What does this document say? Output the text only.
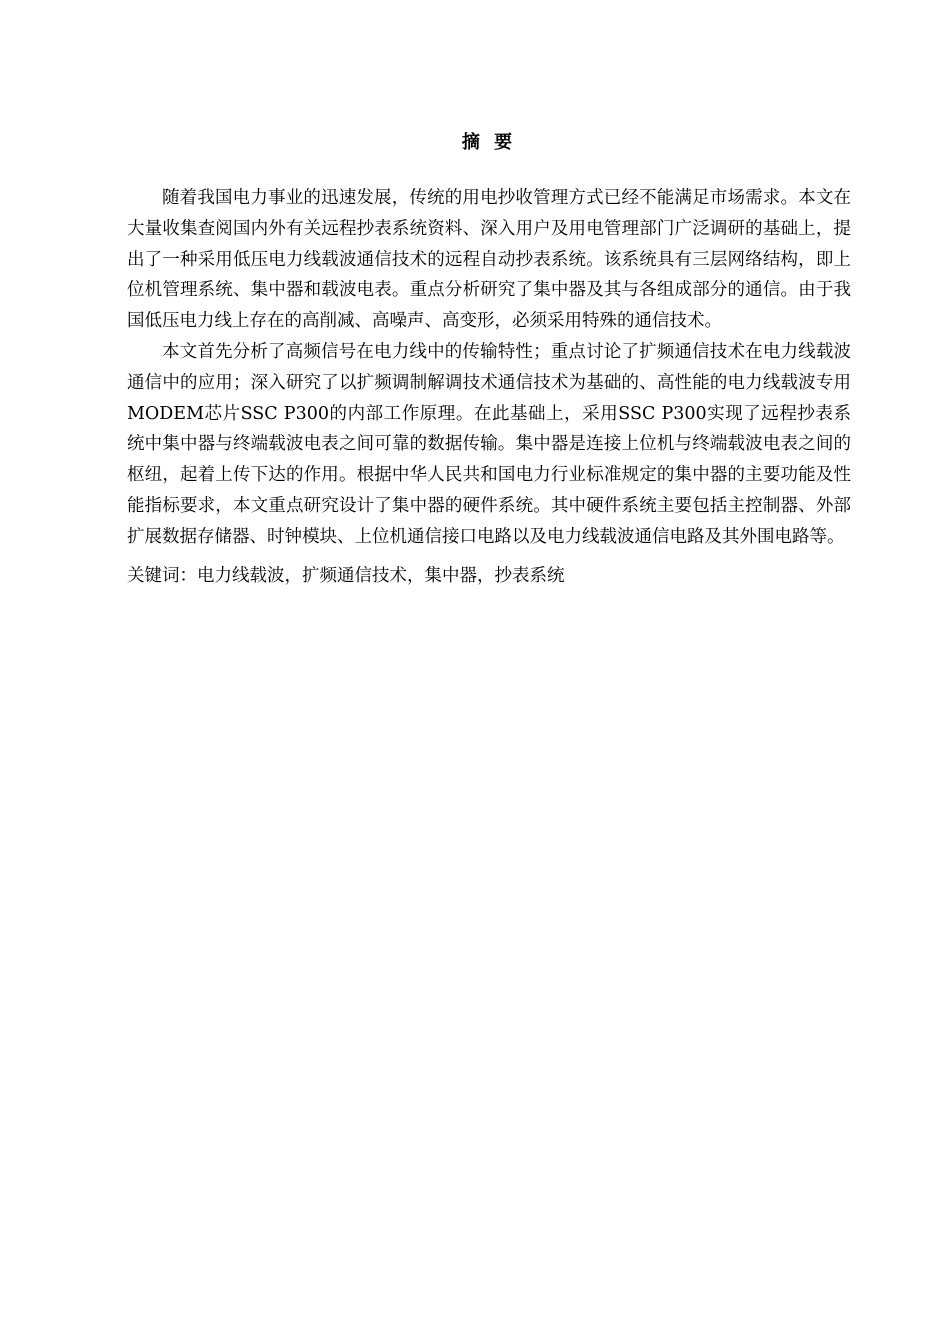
摘 要

随着我国电力事业的迅速发展，传统的用电抄收管理方式已经不能满足市场需求。本文在大量收集查阅国内外有关远程抄表系统资料、深入用户及用电管理部门广泛调研的基础上，提出了一种采用低压电力线载波通信技术的远程自动抄表系统。该系统具有三层网络结构，即上位机管理系统、集中器和载波电表。重点分析研究了集中器及其与各组成部分的通信。由于我国低压电力线上存在的高削减、高噪声、高变形，必须采用特殊的通信技术。

本文首先分析了高频信号在电力线中的传输特性；重点讨论了扩频通信技术在电力线载波通信中的应用；深入研究了以扩频调制解调技术通信技术为基础的、高性能的电力线载波专用MODEM芯片SSC P300的内部工作原理。在此基础上，采用SSC P300实现了远程抄表系统中集中器与终端载波电表之间可靠的数据传输。集中器是连接上位机与终端载波电表之间的枢纽，起着上传下达的作用。根据中华人民共和国电力行业标准规定的集中器的主要功能及性能指标要求，本文重点研究设计了集中器的硬件系统。其中硬件系统主要包括主控制器、外部扩展数据存储器、时钟模块、上位机通信接口电路以及电力线载波通信电路及其外围电路等。

关键词：电力线载波，扩频通信技术，集中器，抄表系统
